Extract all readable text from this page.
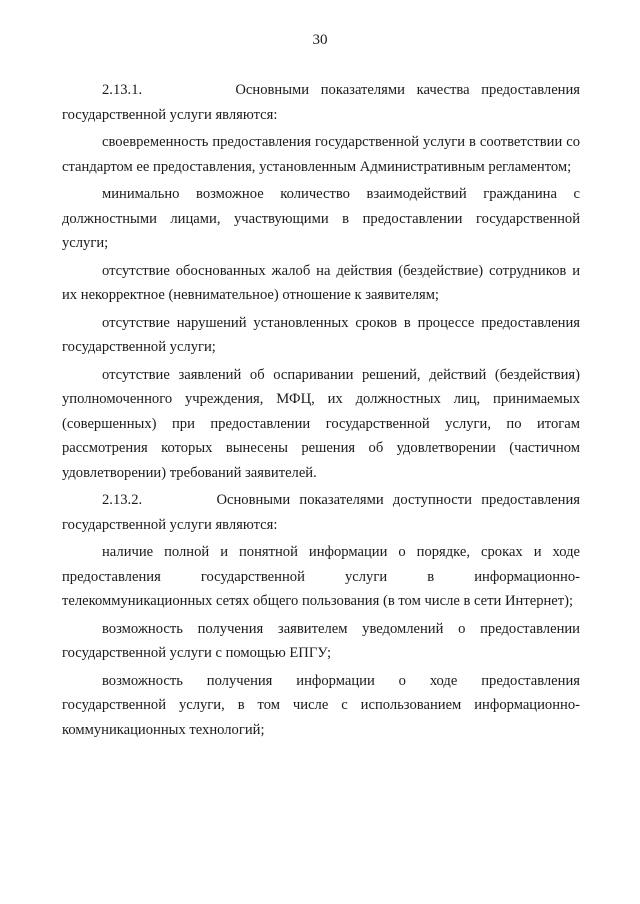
30

2.13.1.        Основными показателями качества предоставления государственной услуги являются:

своевременность предоставления государственной услуги в соответствии со стандартом ее предоставления, установленным Административным регламентом;

минимально возможное количество взаимодействий гражданина с должностными лицами, участвующими в предоставлении государственной услуги;

отсутствие обоснованных жалоб на действия (бездействие) сотрудников и их некорректное (невнимательное) отношение к заявителям;

отсутствие нарушений установленных сроков в процессе предоставления государственной услуги;

отсутствие заявлений об оспаривании решений, действий (бездействия) уполномоченного учреждения, МФЦ, их должностных лиц, принимаемых (совершенных) при предоставлении государственной услуги, по итогам рассмотрения которых вынесены решения об удовлетворении (частичном удовлетворении) требований заявителей.

2.13.2.        Основными показателями доступности предоставления государственной услуги являются:

наличие полной и понятной информации о порядке, сроках и ходе предоставления государственной услуги в информационно-телекоммуникационных сетях общего пользования (в том числе в сети Интернет);

возможность получения заявителем уведомлений о предоставлении государственной услуги с помощью ЕПГУ;

возможность получения информации о ходе предоставления государственной услуги, в том числе с использованием информационно-коммуникационных технологий;
